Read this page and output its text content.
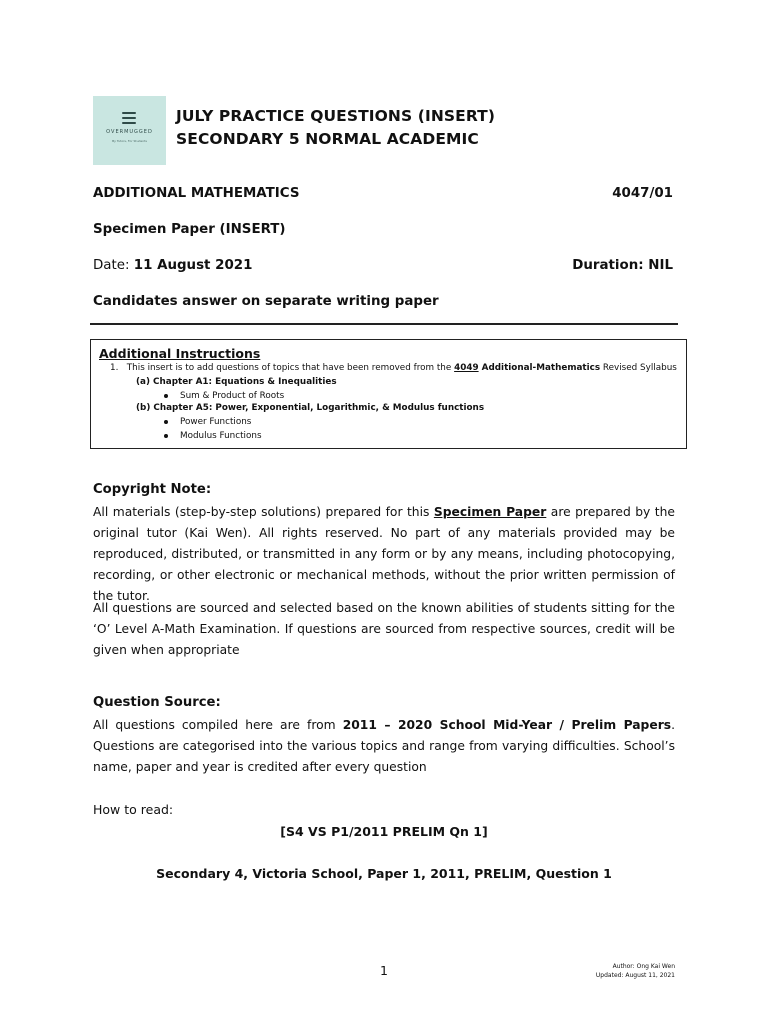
OVERMUGGED
By Tutors, For Students
JULY PRACTICE QUESTIONS (INSERT)
SECONDARY 5 NORMAL ACADEMIC
ADDITIONAL MATHEMATICS	4047/01
Specimen Paper (INSERT)
Date: 11 August 2021	Duration: NIL
Candidates answer on separate writing paper
Additional Instructions
1. This insert is to add questions of topics that have been removed from the 4049 Additional-Mathematics Revised Syllabus
(a) Chapter A1: Equations & Inequalities
Sum & Product of Roots
(b) Chapter A5: Power, Exponential, Logarithmic, & Modulus functions
Power Functions
Modulus Functions
Copyright Note:
All materials (step-by-step solutions) prepared for this Specimen Paper are prepared by the original tutor (Kai Wen). All rights reserved. No part of any materials provided may be reproduced, distributed, or transmitted in any form or by any means, including photocopying, recording, or other electronic or mechanical methods, without the prior written permission of the tutor.
All questions are sourced and selected based on the known abilities of students sitting for the ‘O’ Level A-Math Examination. If questions are sourced from respective sources, credit will be given when appropriate
Question Source:
All questions compiled here are from 2011 – 2020 School Mid-Year / Prelim Papers. Questions are categorised into the various topics and range from varying difficulties. School’s name, paper and year is credited after every question
How to read:
[S4 VS P1/2011 PRELIM Qn 1]
Secondary 4, Victoria School, Paper 1, 2011, PRELIM, Question 1
1	Author: Ong Kai Wen
Updated: August 11, 2021
